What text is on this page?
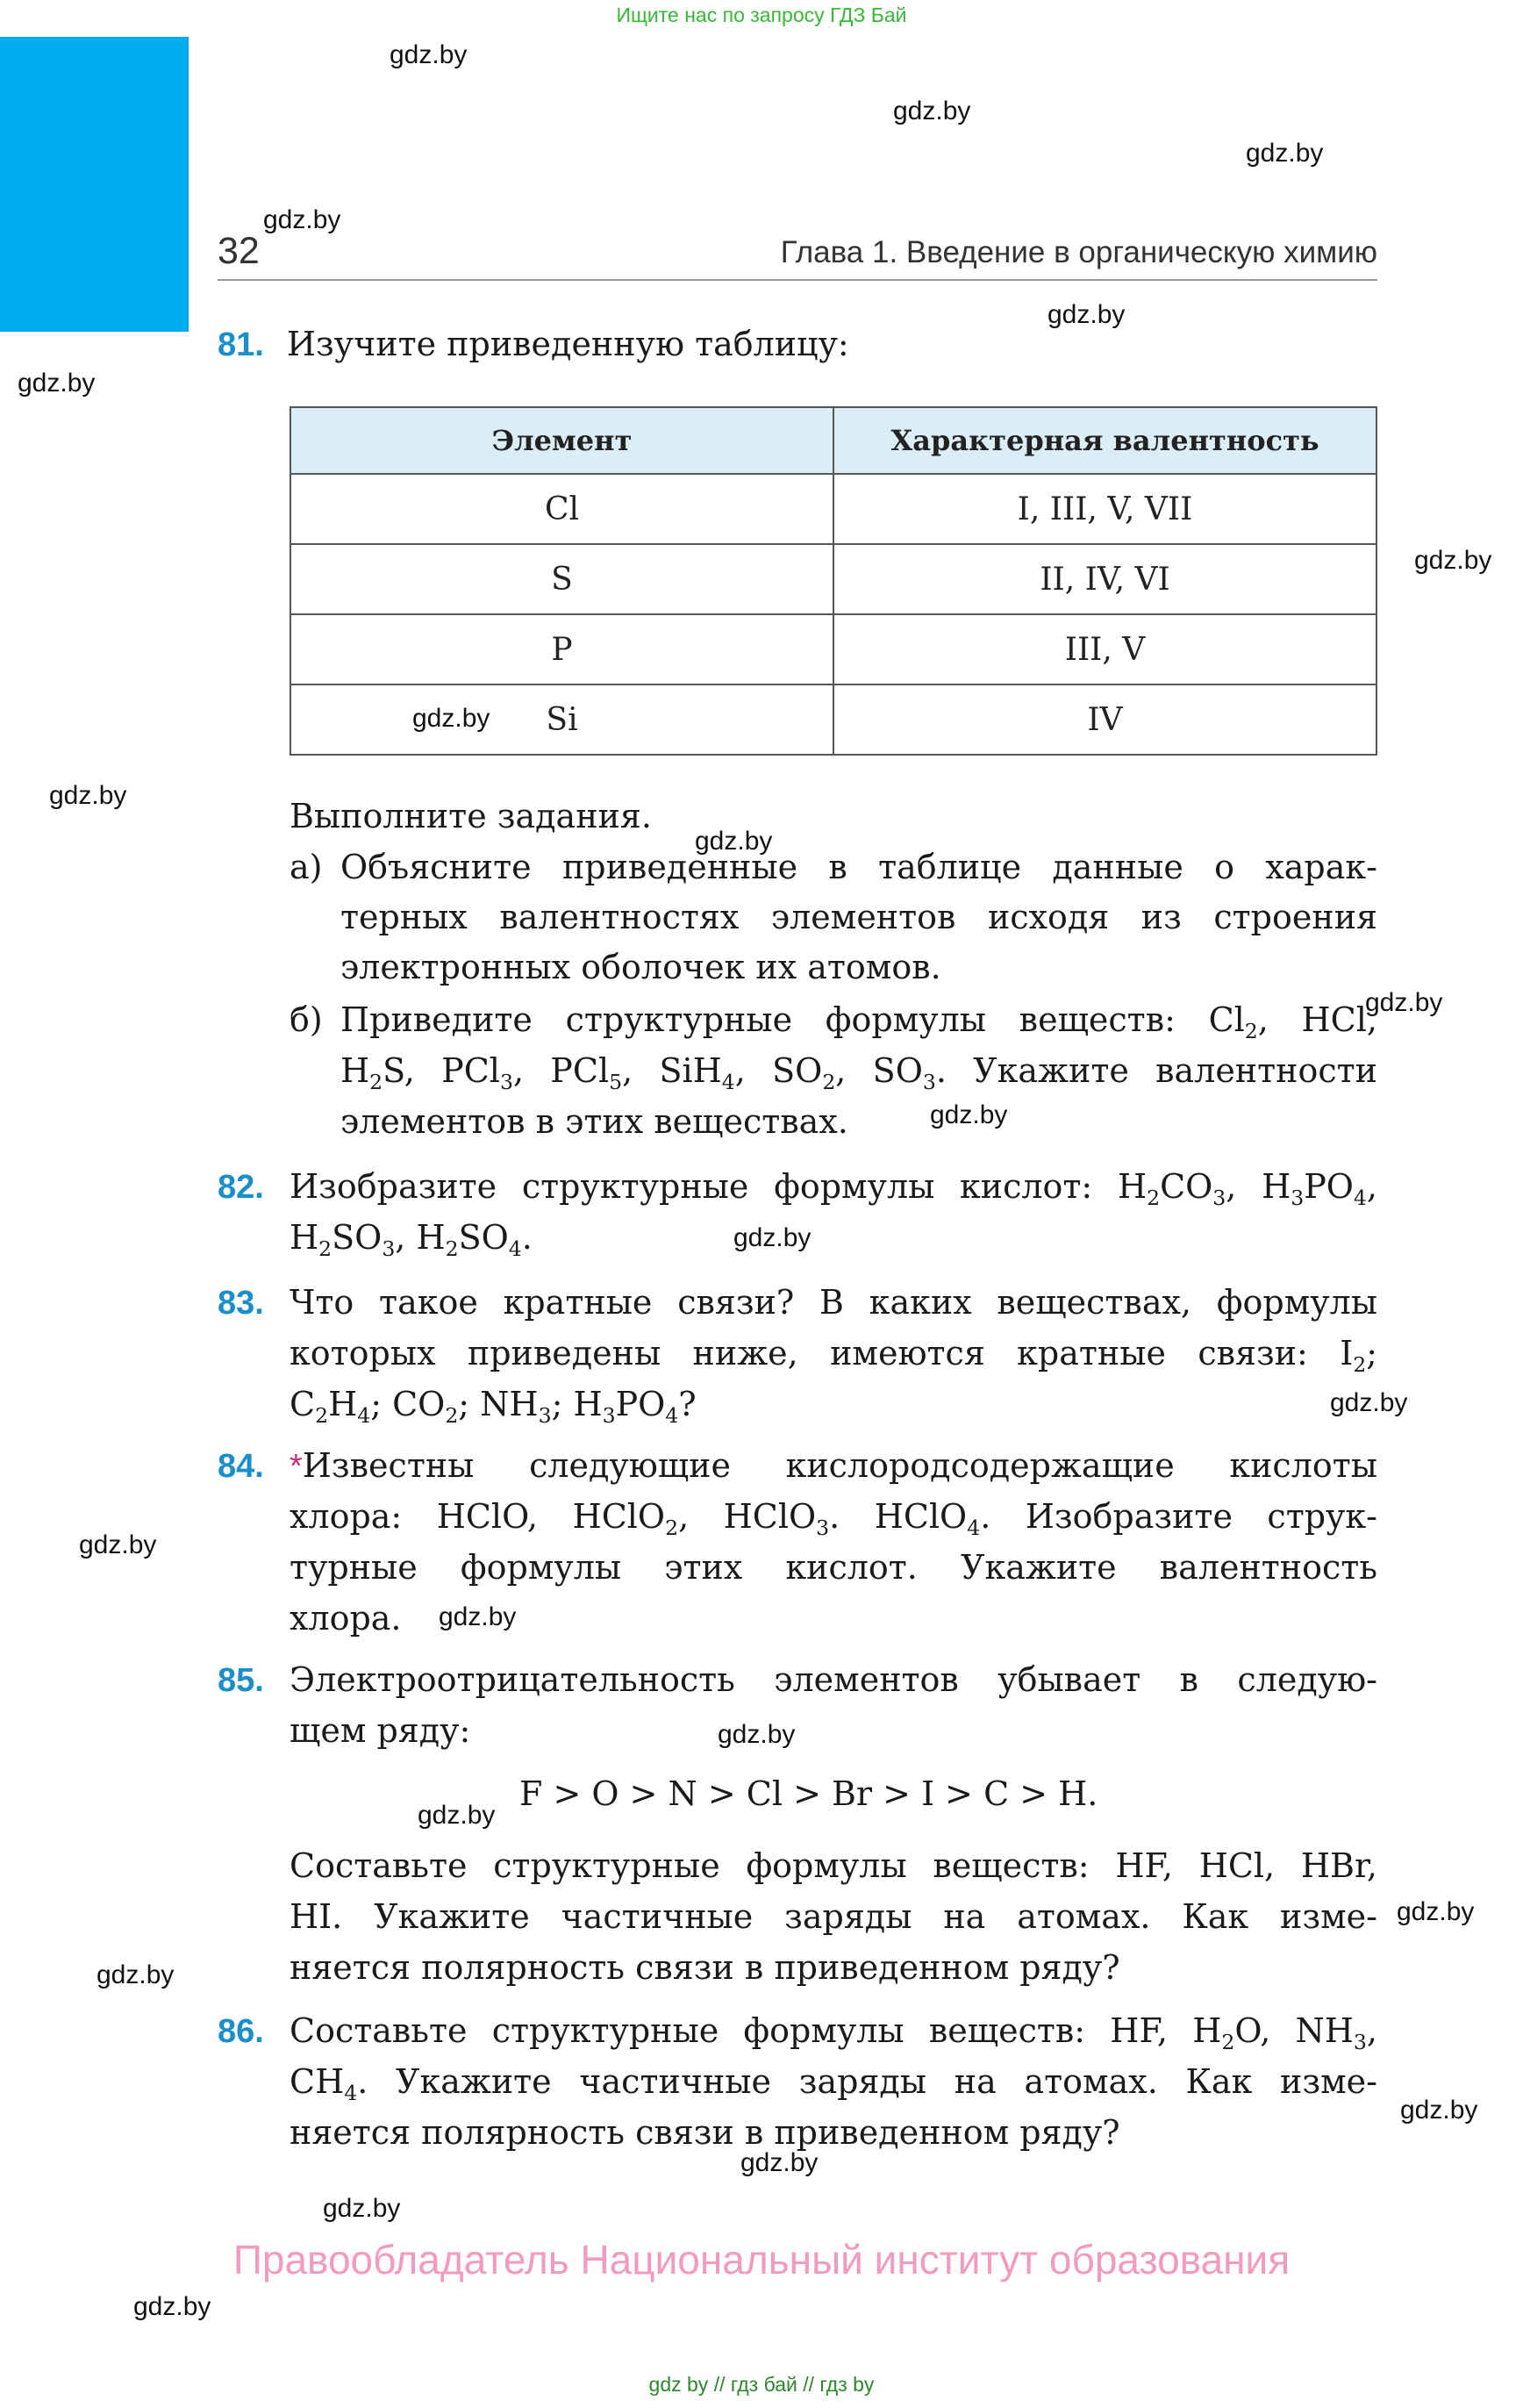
Ищите нас по запросу ГДЗ Бай
32	Глава 1. Введение в органическую химию
81. Изучите приведенную таблицу:
Элемент	Характерная валентность
Cl	I, III, V, VII
S	II, IV, VI
P	III, V
Si	IV
Выполните задания.
а) Объясните приведенные в таблице данные о харак-
терных валентностях элементов исходя из строения
электронных оболочек их атомов.
б) Приведите структурные формулы веществ: $Cl_2$, HCl,
$H_2S$, PCl$_3$, PCl$_5$, SiH$_4$, $SO_2$, $SO_3$. Укажите валентности
элементов в этих веществах.
82. Изобразите структурные формулы кислот: $H_2CO_3$, $H_3PO_4$,
$H_2SO_3$, $H_2SO_4$.
83. Что такое кратные связи? В каких веществах, формулы
которых приведены ниже, имеются кратные связи: $I_2$;
$C_2H_4$; $CO_2$; $NH_3$; $H_3PO_4$?
84. *Известны следующие кислородсодержащие кислоты
хлора: HClO, HClO$_2$, HClO$_3$. HClO$_4$. Изобразите струк-
турные формулы этих кислот. Укажите валентность
хлора.
85. Электроотрицательность элементов убывает в следую-
щем ряду:
F > O > N > Cl > Br > I > C > H.
Составьте структурные формулы веществ: HF, HCl, HBr,
HI. Укажите частичные заряды на атомах. Как изме-
няется полярность связи в приведенном ряду?
86. Составьте структурные формулы веществ: HF, $H_2O$, $NH_3$,
$CH_4$. Укажите частичные заряды на атомах. Как изме-
няется полярность связи в приведенном ряду?
Правообладатель Национальный институт образования
gdz by // гдз бай // гдз by
gdz.by
gdz.by
gdz.by
gdz.by
gdz.by
gdz.by
gdz.by
gdz.by
gdz.by
gdz.by
gdz.by
gdz.by
gdz.by
gdz.by
gdz.by
gdz.by
gdz.by
gdz.by
gdz.by
gdz.by
gdz.by
gdz.by
gdz.by
gdz.by
